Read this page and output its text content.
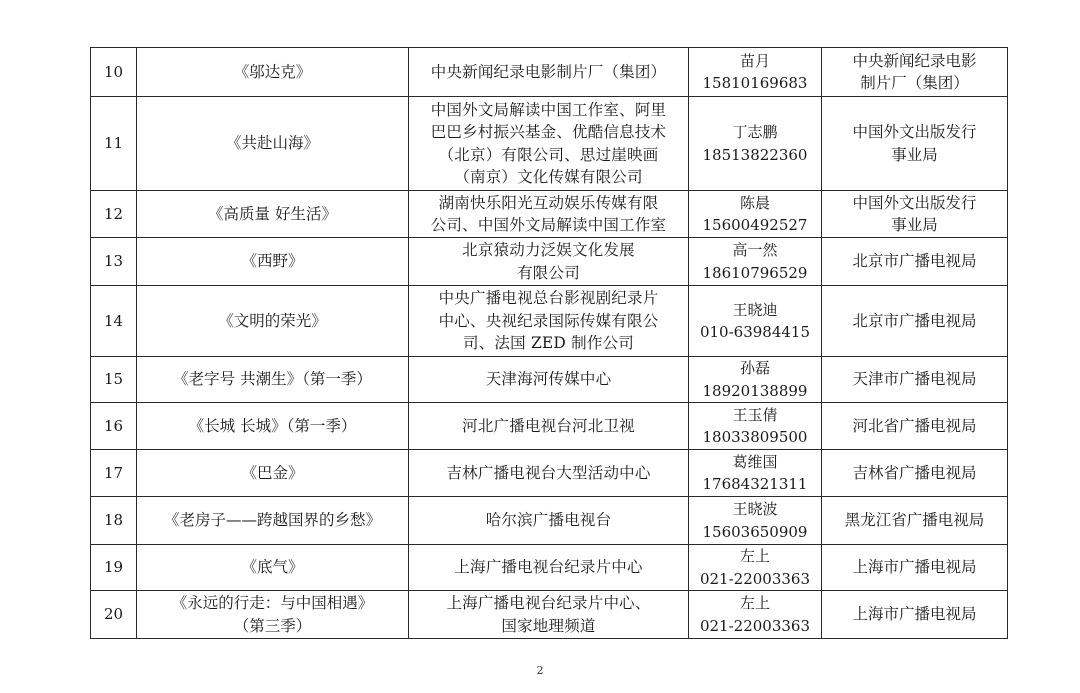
10	《邬达克》	中央新闻纪录电影制片厂（集团）	苗月
15810169683	中央新闻纪录电影
制片厂（集团）

11	《共赴山海》	中国外文局解读中国工作室、阿里
巴巴乡村振兴基金、优酷信息技术
（北京）有限公司、思过崖映画
（南京）文化传媒有限公司	丁志鹏
18513822360	中国外文出版发行
事业局

12	《高质量 好生活》	湖南快乐阳光互动娱乐传媒有限
公司、中国外文局解读中国工作室	陈晨
15600492527	中国外文出版发行
事业局

13	《西野》	北京猿动力泛娱文化发展
有限公司	高一然
18610796529	北京市广播电视局

14	《文明的荣光》	中央广播电视总台影视剧纪录片
中心、央视纪录国际传媒有限公
司、法国 ZED 制作公司	王晓迪
010-63984415	北京市广播电视局

15	《老字号 共潮生》（第一季）	天津海河传媒中心	孙磊
18920138899	天津市广播电视局

16	《长城 长城》（第一季）	河北广播电视台河北卫视	王玉倩
18033809500	河北省广播电视局

17	《巴金》	吉林广播电视台大型活动中心	葛维国
17684321311	吉林省广播电视局

18	《老房子——跨越国界的乡愁》	哈尔滨广播电视台	王晓波
15603650909	黑龙江省广播电视局

19	《底气》	上海广播电视台纪录片中心	左上
021-22003363	上海市广播电视局

20	《永远的行走：与中国相遇》
（第三季）	上海广播电视台纪录片中心、
国家地理频道	左上
021-22003363	上海市广播电视局
2
